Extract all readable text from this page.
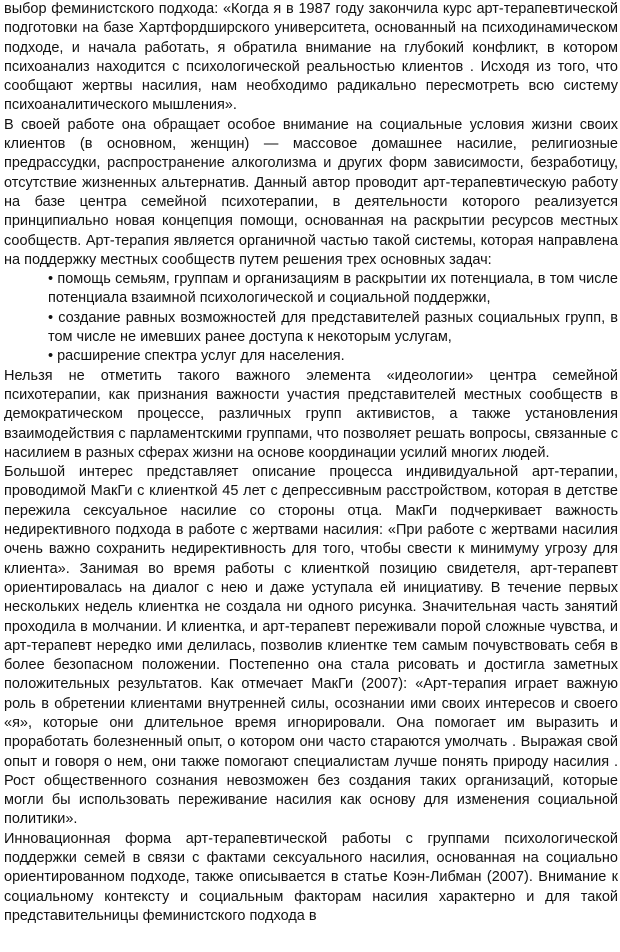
выбор феминистского подхода: «Когда я в 1987 году закончила курс арт-терапевтической подготовки на базе Хартфордширского университета, основанный на психодинамическом подходе, и начала работать, я обратила внимание на глубокий конфликт, в котором психоанализ находится с психологической реальностью клиентов . Исходя из того, что сообщают жертвы насилия, нам необходимо радикально пересмотреть всю систему психоаналитического мышления».

В своей работе она обращает особое внимание на социальные условия жизни своих клиентов (в основном, женщин) — массовое домашнее насилие, религиозные предрассудки, распространение алкоголизма и других форм зависимости, безработицу, отсутствие жизненных альтернатив. Данный автор проводит арт-терапевтическую работу на базе центра семейной психотерапии, в деятельности которого реализуется принципиально новая концепция помощи, основанная на раскрытии ресурсов местных сообществ. Арт-терапия является органичной частью такой системы, которая направлена на поддержку местных сообществ путем решения трех основных задач:

• помощь семьям, группам и организациям в раскрытии их потенциала, в том числе потенциала взаимной психологической и социальной поддержки,
• создание равных возможностей для представителей разных социальных групп, в том числе не имевших ранее доступа к некоторым услугам,
• расширение спектра услуг для населения.

Нельзя не отметить такого важного элемента «идеологии» центра семейной психотерапии, как признания важности участия представителей местных сообществ в демократическом процессе, различных групп активистов, а также установления взаимодействия с парламентскими группами, что позволяет решать вопросы, связанные с насилием в разных сферах жизни на основе координации усилий многих людей.

Большой интерес представляет описание процесса индивидуальной арт-терапии, проводимой МакГи с клиенткой 45 лет с депрессивным расстройством, которая в детстве пережила сексуальное насилие со стороны отца. МакГи подчеркивает важность недирективного подхода в работе с жертвами насилия: «При работе с жертвами насилия очень важно сохранить недирективность для того, чтобы свести к минимуму угрозу для клиента». Занимая во время работы с клиенткой позицию свидетеля, арт-терапевт ориентировалась на диалог с нею и даже уступала ей инициативу. В течение первых нескольких недель клиентка не создала ни одного рисунка. Значительная часть занятий проходила в молчании. И клиентка, и арт-терапевт переживали порой сложные чувства, и арт-терапевт нередко ими делилась, позволив клиентке тем самым почувствовать себя в более безопасном положении. Постепенно она стала рисовать и достигла заметных положительных результатов. Как отмечает МакГи (2007): «Арт-терапия играет важную роль в обретении клиентами внутренней силы, осознании ими своих интересов и своего «я», которые они длительное время игнорировали. Она помогает им выразить и проработать болезненный опыт, о котором они часто стараются умолчать . Выражая свой опыт и говоря о нем, они также помогают специалистам лучше понять природу насилия . Рост общественного сознания невозможен без создания таких организаций, которые могли бы использовать переживание насилия как основу для изменения социальной политики».

Инновационная форма арт-терапевтической работы с группами психологической поддержки семей в связи с фактами сексуального насилия, основанная на социально ориентированном подходе, также описывается в статье Коэн-Либман (2007). Внимание к социальному контексту и социальным факторам насилия характерно и для такой представительницы феминистского подхода в
